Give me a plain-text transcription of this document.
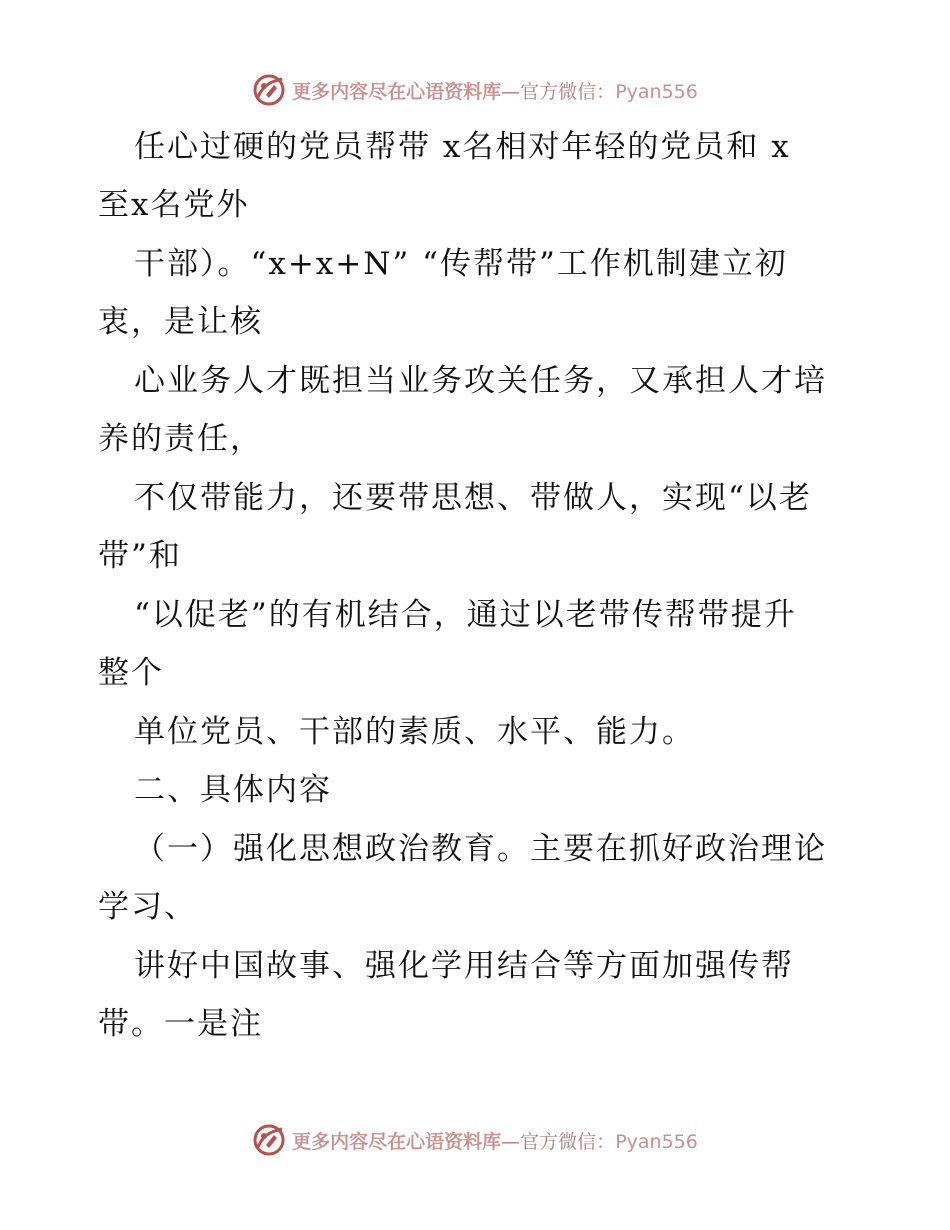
更多内容尽在心语资料库—官方微信：Pyan556
任心过硬的党员帮带 x名相对年轻的党员和 x
至x名党外
干部）。“x+x+N” “传帮带”工作机制建立初
衷，是让核
心业务人才既担当业务攻关任务，又承担人才培
养的责任，
不仅带能力，还要带思想、带做人，实现“以老
带”和
“以促老”的有机结合，通过以老带传帮带提升
整个
单位党员、干部的素质、水平、能力。
二、具体内容
（一）强化思想政治教育。主要在抓好政治理论
学习、
讲好中国故事、强化学用结合等方面加强传帮
带。一是注
更多内容尽在心语资料库—官方微信：Pyan556
